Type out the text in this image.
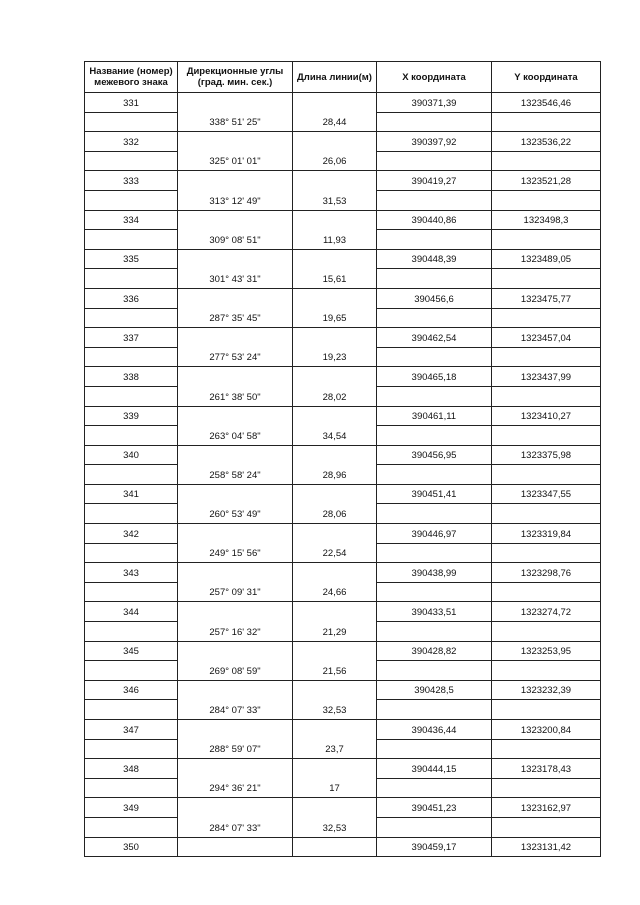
Название (номер) межевого знака	Дирекционные углы (град. мин. сек.)	Длина линии(м)	X координата	Y координата
331			390371,39	1323546,46
	338° 51' 25"	28,44		
332			390397,92	1323536,22
	325° 01' 01"	26,06		
333			390419,27	1323521,28
	313° 12' 49"	31,53		
334			390440,86	1323498,3
	309° 08' 51"	11,93		
335			390448,39	1323489,05
	301° 43' 31"	15,61		
336			390456,6	1323475,77
	287° 35' 45"	19,65		
337			390462,54	1323457,04
	277° 53' 24"	19,23		
338			390465,18	1323437,99
	261° 38' 50"	28,02		
339			390461,11	1323410,27
	263° 04' 58"	34,54		
340			390456,95	1323375,98
	258° 58' 24"	28,96		
341			390451,41	1323347,55
	260° 53' 49"	28,06		
342			390446,97	1323319,84
	249° 15' 56"	22,54		
343			390438,99	1323298,76
	257° 09' 31"	24,66		
344			390433,51	1323274,72
	257° 16' 32"	21,29		
345			390428,82	1323253,95
	269° 08' 59"	21,56		
346			390428,5	1323232,39
	284° 07' 33"	32,53		
347			390436,44	1323200,84
	288° 59' 07"	23,7		
348			390444,15	1323178,43
	294° 36' 21"	17		
349			390451,23	1323162,97
	284° 07' 33"	32,53		
350			390459,17	1323131,42
